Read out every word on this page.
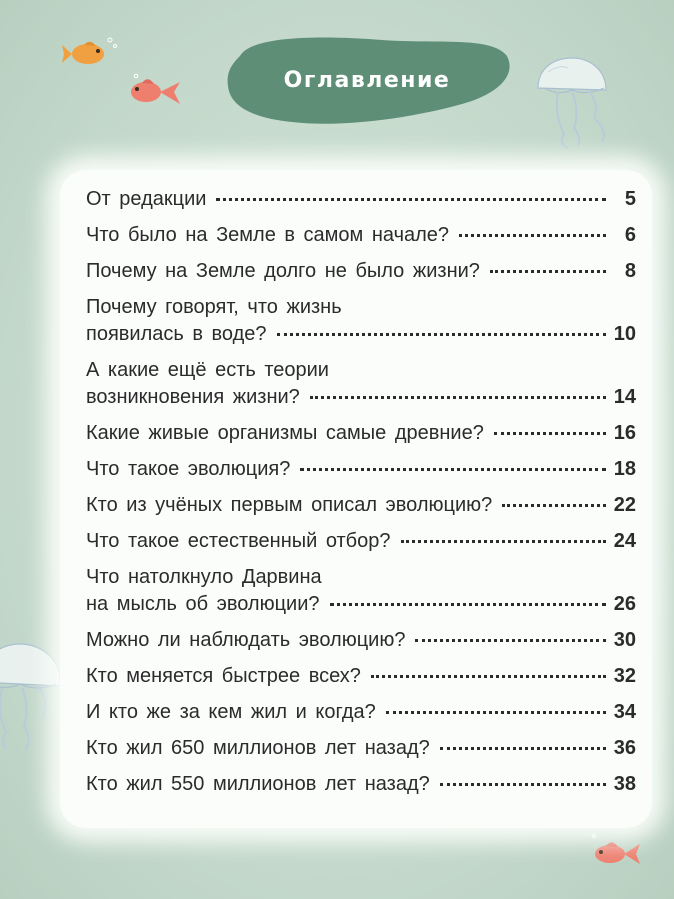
Оглавление
От редакции	5
Что было на Земле в самом начале?	6
Почему на Земле долго не было жизни?	8
Почему говорят, что жизнь
появилась в воде?	10
А какие ещё есть теории
возникновения жизни?	14
Какие живые организмы самые древние?	16
Что такое эволюция?	18
Кто из учёных первым описал эволюцию?	22
Что такое естественный отбор?	24
Что натолкнуло Дарвина
на мысль об эволюции?	26
Можно ли наблюдать эволюцию?	30
Кто меняется быстрее всех?	32
И кто же за кем жил и когда?	34
Кто жил 650 миллионов лет назад?	36
Кто жил 550 миллионов лет назад?	38
